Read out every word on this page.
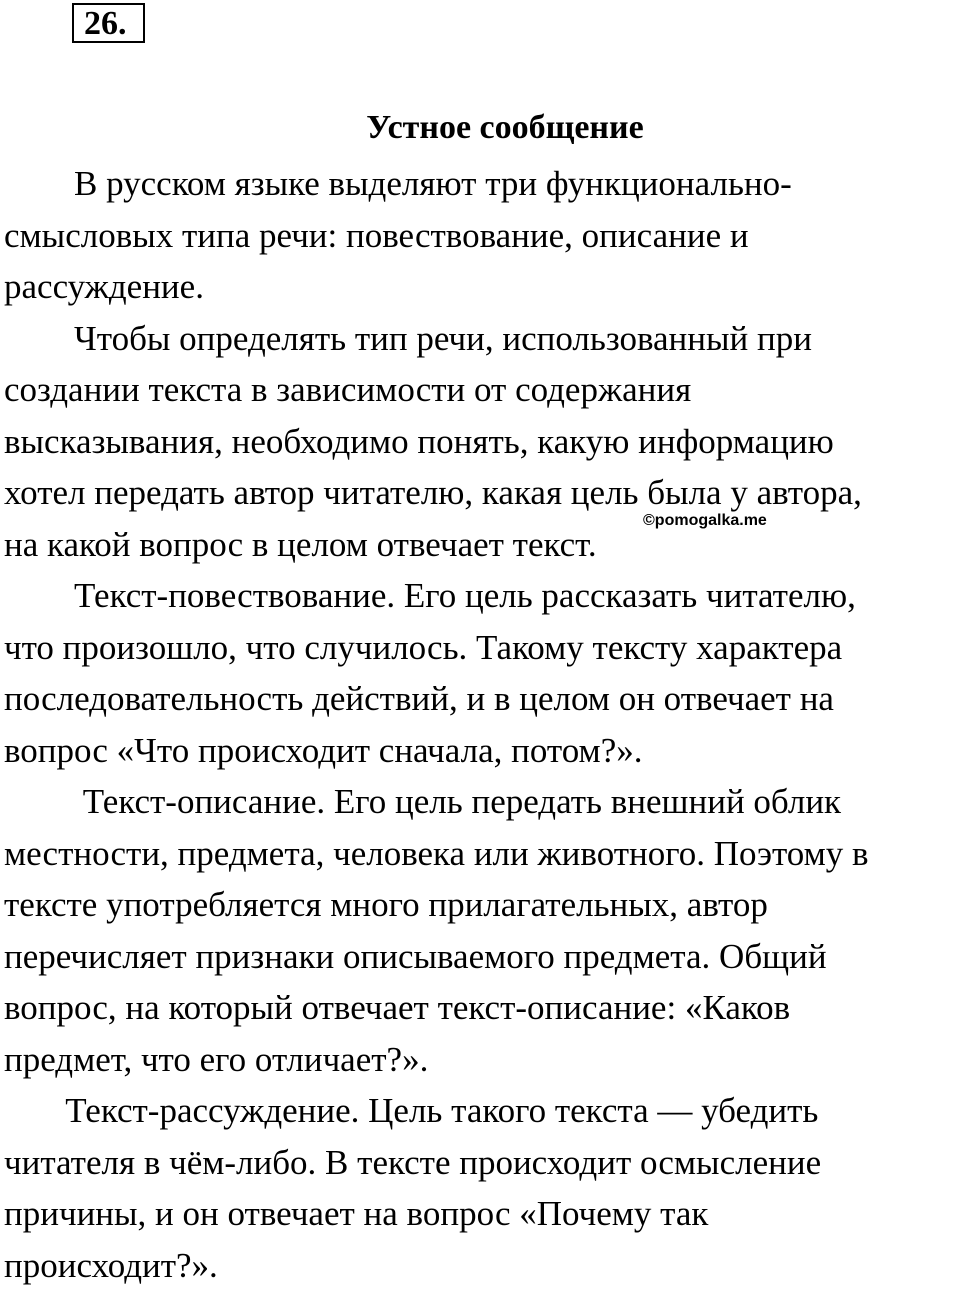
26.
Устное сообщение

В русском языке выделяют три функционально-

смысловых типа речи: повествование, описание и

рассуждение.

Чтобы определять тип речи, использованный при

создании текста в зависимости от содержания

высказывания, необходимо понять, какую информацию

хотел передать автор читателю, какая цель была у автора,

на какой вопрос в целом отвечает текст.

Текст-повествование. Его цель рассказать читателю,

что произошло, что случилось. Такому тексту характера

последовательность действий, и в целом он отвечает на

вопрос «Что происходит сначала, потом?».

Текст-описание. Его цель передать внешний облик

местности, предмета, человека или животного. Поэтому в

тексте употребляется много прилагательных, автор

перечисляет признаки описываемого предмета. Общий

вопрос, на который отвечает текст-описание: «Каков

предмет, что его отличает?».

Текст-рассуждение. Цель такого текста — убедить

читателя в чём-либо. В тексте происходит осмысление

причины, и он отвечает на вопрос «Почему так

происходит?».

©pomogalka.me
